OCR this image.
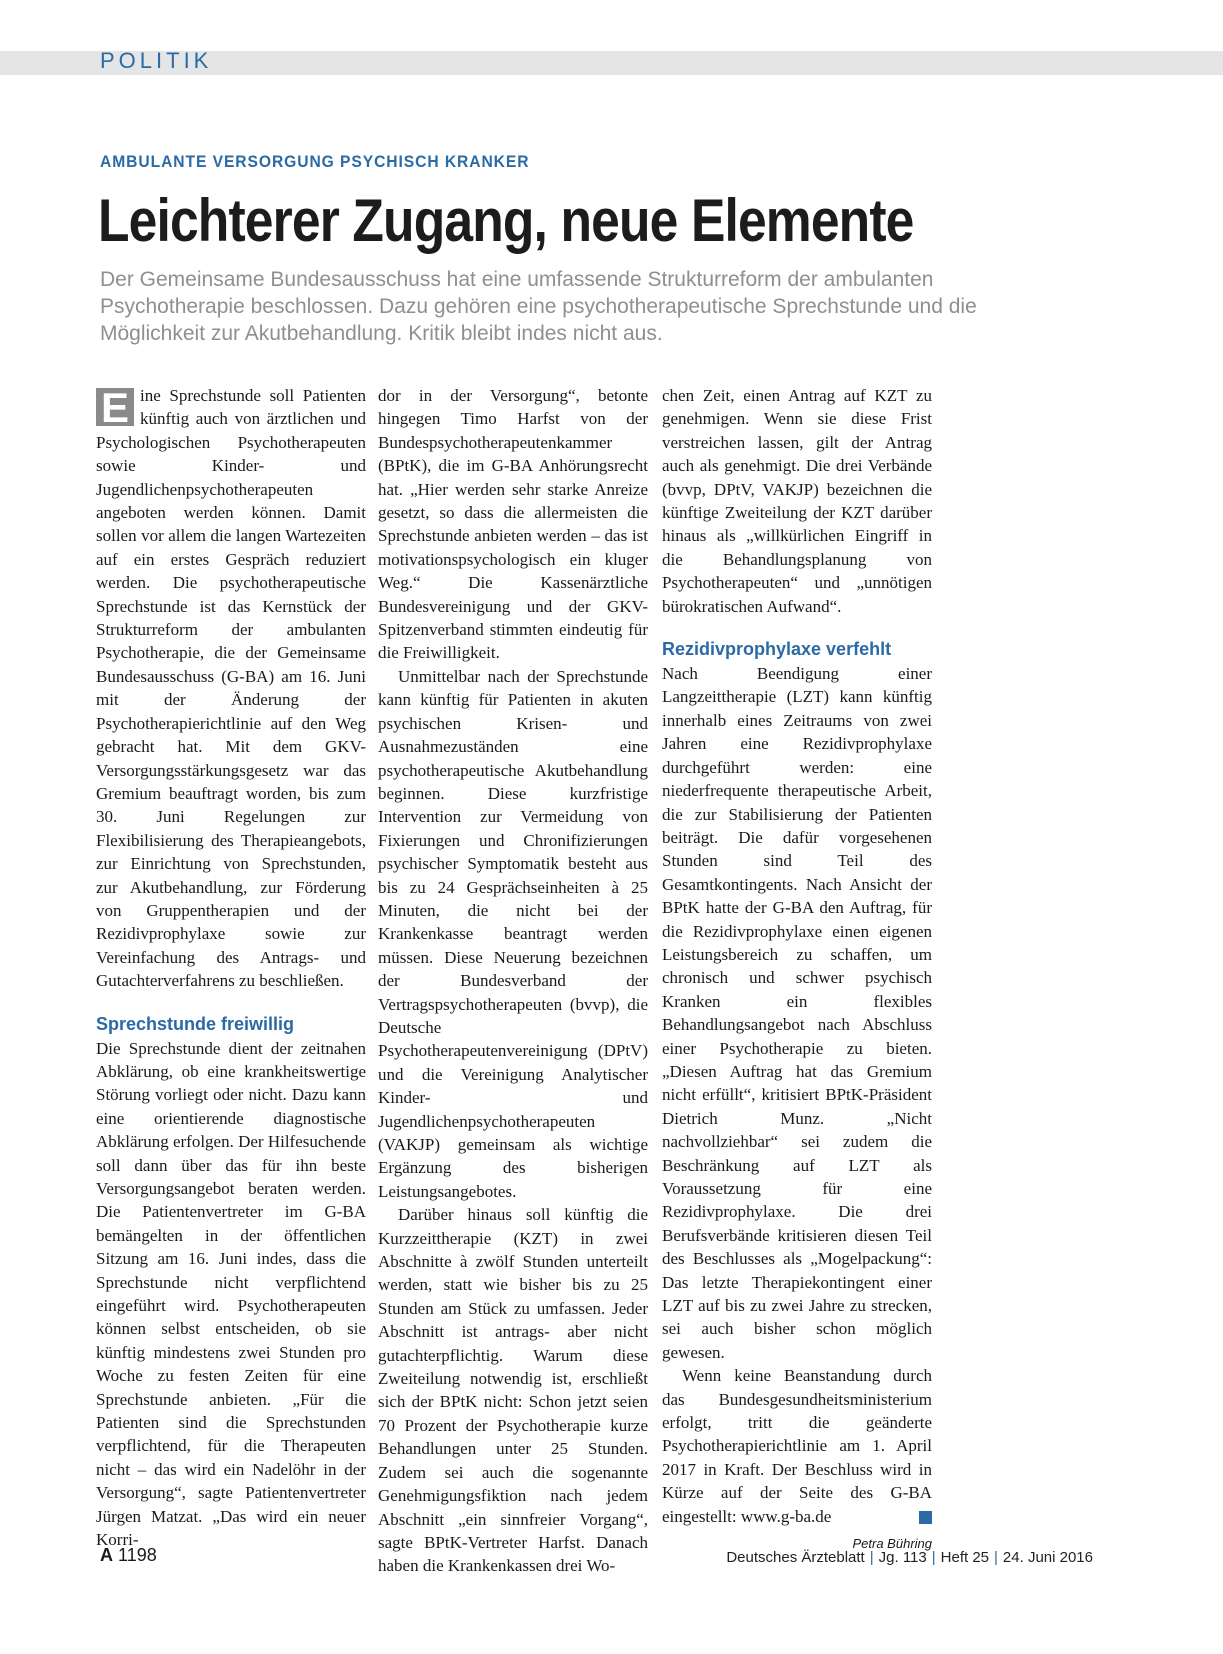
POLITIK
AMBULANTE VERSORGUNG PSYCHISCH KRANKER
Leichterer Zugang, neue Elemente
Der Gemeinsame Bundesausschuss hat eine umfassende Strukturreform der ambulanten Psychotherapie beschlossen. Dazu gehören eine psychotherapeutische Sprechstunde und die Möglichkeit zur Akutbehandlung. Kritik bleibt indes nicht aus.

E ine Sprechstunde soll Patienten künftig auch von ärztlichen und Psychologischen Psychotherapeuten sowie Kinder- und Jugendlichenpsychotherapeuten angeboten werden können. Damit sollen vor allem die langen Wartezeiten auf ein erstes Gespräch reduziert werden. Die psychotherapeutische Sprechstunde ist das Kernstück der Strukturreform der ambulanten Psychotherapie, die der Gemeinsame Bundesausschuss (G-BA) am 16. Juni mit der Änderung der Psychotherapierichtlinie auf den Weg gebracht hat. Mit dem GKV-Versorgungsstärkungsgesetz war das Gremium beauftragt worden, bis zum 30. Juni Regelungen zur Flexibilisierung des Therapieangebots, zur Einrichtung von Sprechstunden, zur Akutbehandlung, zur Förderung von Gruppentherapien und der Rezidivprophylaxe sowie zur Vereinfachung des Antrags- und Gutachterverfahrens zu beschließen.

Sprechstunde freiwillig

Die Sprechstunde dient der zeitnahen Abklärung, ob eine krankheitswertige Störung vorliegt oder nicht. Dazu kann eine orientierende diagnostische Abklärung erfolgen. Der Hilfesuchende soll dann über das für ihn beste Versorgungsangebot beraten werden. Die Patientenvertreter im G-BA bemängelten in der öffentlichen Sitzung am 16. Juni indes, dass die Sprechstunde nicht verpflichtend eingeführt wird. Psychotherapeuten können selbst entscheiden, ob sie künftig mindestens zwei Stunden pro Woche zu festen Zeiten für eine Sprechstunde anbieten. „Für die Patienten sind die Sprechstunden verpflichtend, für die Therapeuten nicht – das wird ein Nadelöhr in der Versorgung“, sagte Patientenvertreter Jürgen Matzat. „Das wird ein neuer Korri-

dor in der Versorgung“, betonte hingegen Timo Harfst von der Bundespsychotherapeutenkammer (BPtK), die im G-BA Anhörungsrecht hat. „Hier werden sehr starke Anreize gesetzt, so dass die allermeisten die Sprechstunde anbieten werden – das ist motivationspsychologisch ein kluger Weg.“ Die Kassenärztliche Bundesvereinigung und der GKV-Spitzenverband stimmten eindeutig für die Freiwilligkeit.

Unmittelbar nach der Sprechstunde kann künftig für Patienten in akuten psychischen Krisen- und Ausnahmezuständen eine psychotherapeutische Akutbehandlung beginnen. Diese kurzfristige Intervention zur Vermeidung von Fixierungen und Chronifizierungen psychischer Symptomatik besteht aus bis zu 24 Gesprächseinheiten à 25 Minuten, die nicht bei der Krankenkasse beantragt werden müssen. Diese Neuerung bezeichnen der Bundesverband der Vertragspsychotherapeuten (bvvp), die Deutsche Psychotherapeutenvereinigung (DPtV) und die Vereinigung Analytischer Kinder- und Jugendlichenpsychotherapeuten (VAKJP) gemeinsam als wichtige Ergänzung des bisherigen Leistungsangebotes.

Darüber hinaus soll künftig die Kurzzeittherapie (KZT) in zwei Abschnitte à zwölf Stunden unterteilt werden, statt wie bisher bis zu 25 Stunden am Stück zu umfassen. Jeder Abschnitt ist antrags- aber nicht gutachterpflichtig. Warum diese Zweiteilung notwendig ist, erschließt sich der BPtK nicht: Schon jetzt seien 70 Prozent der Psychotherapie kurze Behandlungen unter 25 Stunden. Zudem sei auch die sogenannte Genehmigungsfiktion nach jedem Abschnitt „ein sinnfreier Vorgang“, sagte BPtK-Vertreter Harfst. Danach haben die Krankenkassen drei Wo-

chen Zeit, einen Antrag auf KZT zu genehmigen. Wenn sie diese Frist verstreichen lassen, gilt der Antrag auch als genehmigt. Die drei Verbände (bvvp, DPtV, VAKJP) bezeichnen die künftige Zweiteilung der KZT darüber hinaus als „willkürlichen Eingriff in die Behandlungsplanung von Psychotherapeuten“ und „unnötigen bürokratischen Aufwand“.

Rezidivprophylaxe verfehlt

Nach Beendigung einer Langzeittherapie (LZT) kann künftig innerhalb eines Zeitraums von zwei Jahren eine Rezidivprophylaxe durchgeführt werden: eine niederfrequente therapeutische Arbeit, die zur Stabilisierung der Patienten beiträgt. Die dafür vorgesehenen Stunden sind Teil des Gesamtkontingents. Nach Ansicht der BPtK hatte der G-BA den Auftrag, für die Rezidivprophylaxe einen eigenen Leistungsbereich zu schaffen, um chronisch und schwer psychisch Kranken ein flexibles Behandlungsangebot nach Abschluss einer Psychotherapie zu bieten. „Diesen Auftrag hat das Gremium nicht erfüllt“, kritisiert BPtK-Präsident Dietrich Munz. „Nicht nachvollziehbar“ sei zudem die Beschränkung auf LZT als Voraussetzung für eine Rezidivprophylaxe. Die drei Berufsverbände kritisieren diesen Teil des Beschlusses als „Mogelpackung“: Das letzte Therapiekontingent einer LZT auf bis zu zwei Jahre zu strecken, sei auch bisher schon möglich gewesen.

Wenn keine Beanstandung durch das Bundesgesundheitsministerium erfolgt, tritt die geänderte Psychotherapierichtlinie am 1. April 2017 in Kraft. Der Beschluss wird in Kürze auf der Seite des G-BA eingestellt: www.g-ba.de

Petra Bühring
A 1198	Deutsches Ärzteblatt | Jg. 113 | Heft 25 | 24. Juni 2016
